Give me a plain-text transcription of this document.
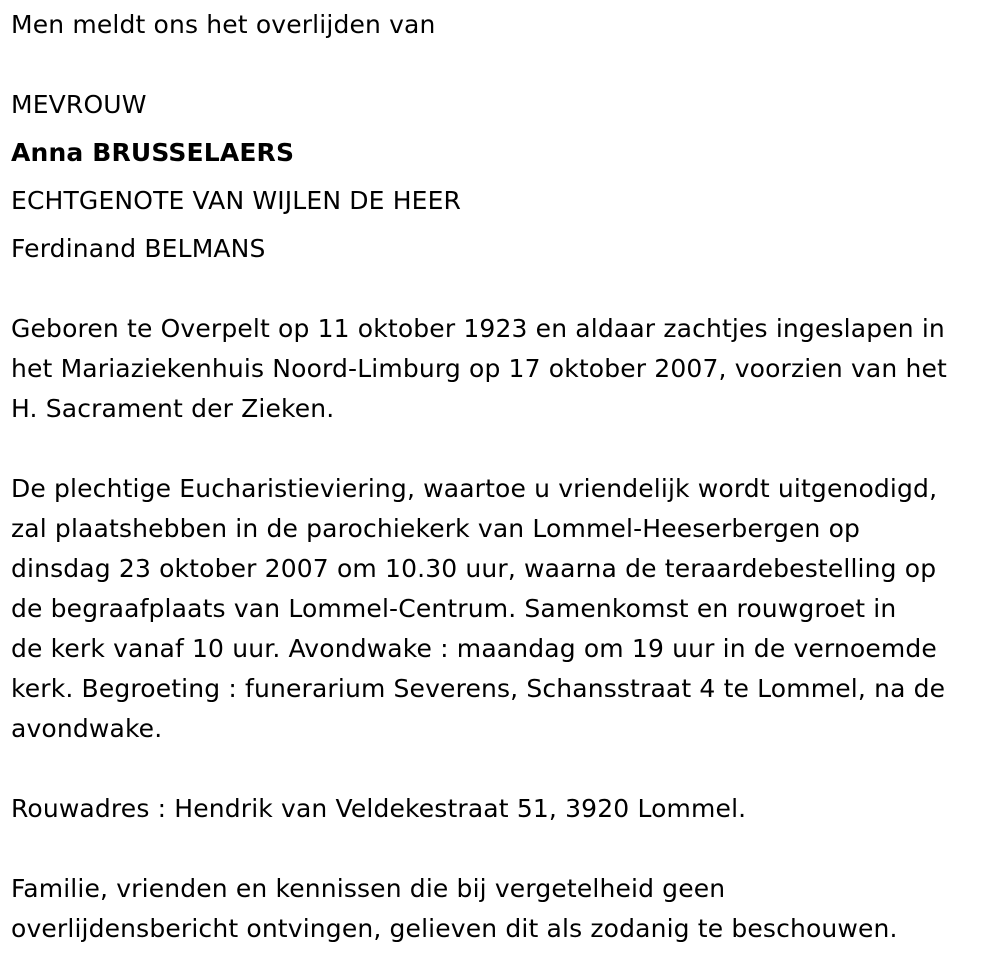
Men meldt ons het overlijden van
MEVROUW
Anna BRUSSELAERS
ECHTGENOTE VAN WIJLEN DE HEER
Ferdinand BELMANS
Geboren te Overpelt op 11 oktober 1923 en aldaar zachtjes ingeslapen in
het Mariaziekenhuis Noord-Limburg op 17 oktober 2007, voorzien van het
H. Sacrament der Zieken.
De plechtige Eucharistieviering, waartoe u vriendelijk wordt uitgenodigd,
zal plaatshebben in de parochiekerk van Lommel-Heeserbergen op
dinsdag 23 oktober 2007 om 10.30 uur, waarna de teraardebestelling op
de begraafplaats van Lommel-Centrum. Samenkomst en rouwgroet in
de kerk vanaf 10 uur. Avondwake : maandag om 19 uur in de vernoemde
kerk. Begroeting : funerarium Severens, Schansstraat 4 te Lommel, na de
avondwake.
Rouwadres : Hendrik van Veldekestraat 51, 3920 Lommel.
Familie, vrienden en kennissen die bij vergetelheid geen
overlijdensbericht ontvingen, gelieven dit als zodanig te beschouwen.
